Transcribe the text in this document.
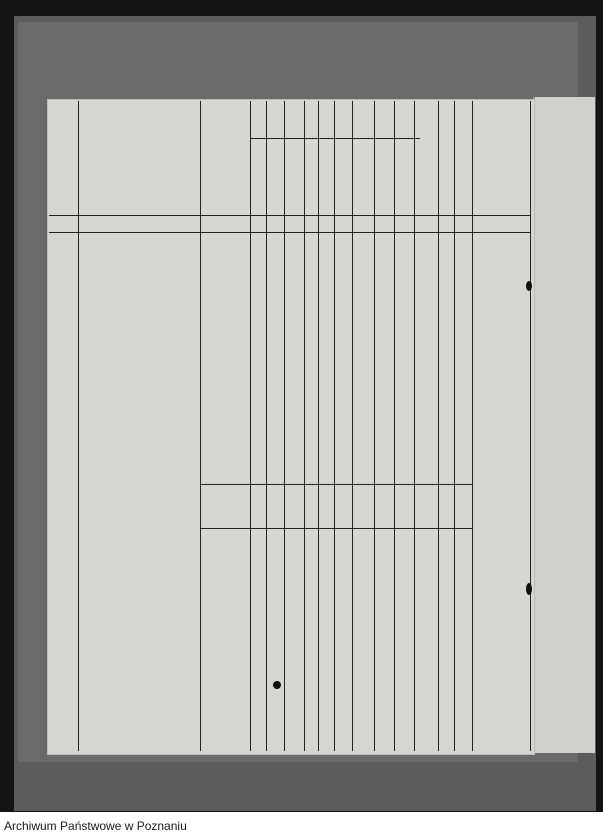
Archiwum Państwowe w Poznaniu
